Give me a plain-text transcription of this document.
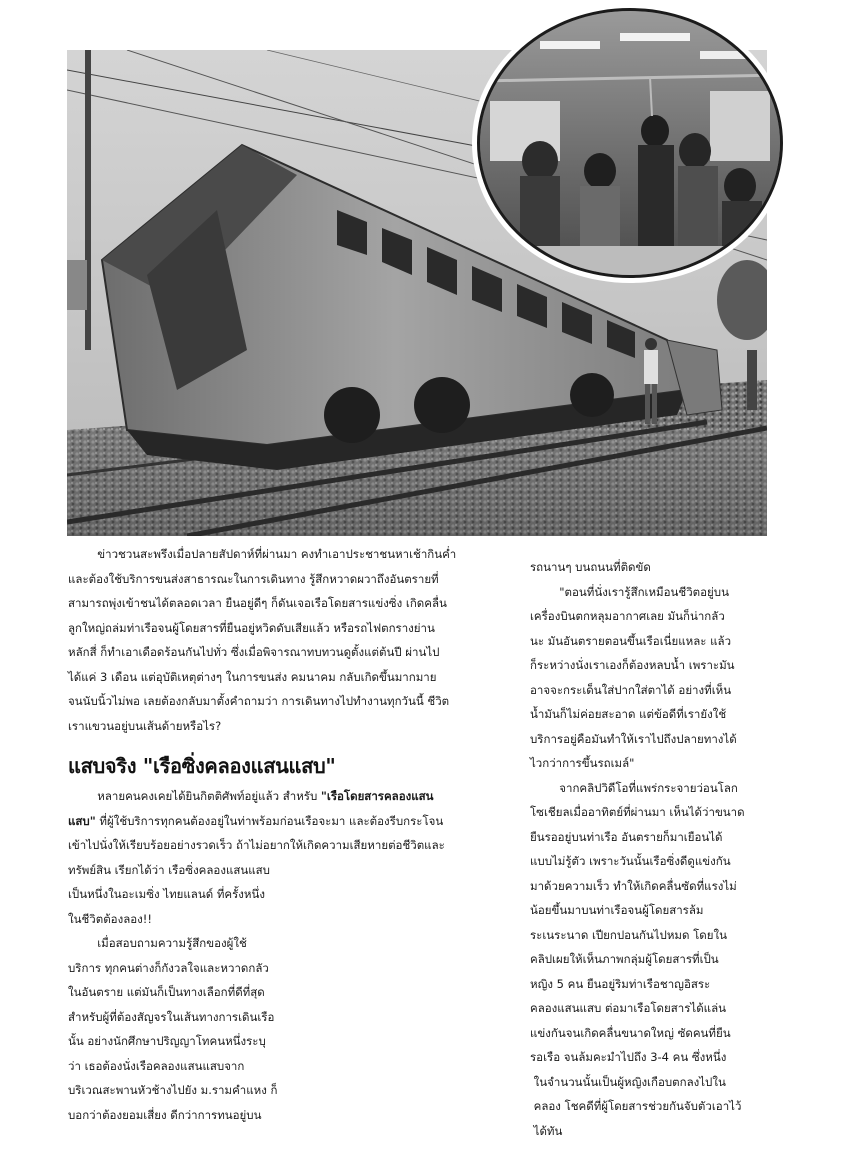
ข่าวชวนสะพรึงเมื่อปลายสัปดาห์ที่ผ่านมา คงทำเอาประชาชนหาเช้ากินค่ำ

และต้องใช้บริการขนส่งสาธารณะในการเดินทาง รู้สึกหวาดผวาถึงอันตรายที่

สามารถพุ่งเข้าชนได้ตลอดเวลา ยืนอยู่ดีๆ ก็ดันเจอเรือโดยสารแข่งซิ่ง เกิดคลื่น

ลูกใหญ่ถล่มท่าเรือจนผู้โดยสารที่ยืนอยู่หวิดดับเสียแล้ว หรือรถไฟตกรางย่าน

หลักสี่ ก็ทำเอาเดือดร้อนกันไปทั่ว ซึ่งเมื่อพิจารณาทบทวนดูตั้งแต่ต้นปี ผ่านไป

ได้แค่ 3 เดือน แต่อุบัติเหตุต่างๆ ในการขนส่ง คมนาคม กลับเกิดขึ้นมากมาย

จนนับนิ้วไม่พอ เลยต้องกลับมาตั้งคำถามว่า การเดินทางไปทำงานทุกวันนี้ ชีวิต

เราแขวนอยู่บนเส้นด้ายหรือไร?

แสบจริง "เรือซิ่งคลองแสนแสบ"

หลายคนคงเคยได้ยินกิตติศัพท์อยู่แล้ว สำหรับ "เรือโดยสารคลองแสน

แสบ" ที่ผู้ใช้บริการทุกคนต้องอยู่ในท่าพร้อมก่อนเรือจะมา และต้องรีบกระโจน

เข้าไปนั่งให้เรียบร้อยอย่างรวดเร็ว ถ้าไม่อยากให้เกิดความเสียหายต่อชีวิตและ

ทรัพย์สิน เรียกได้ว่า เรือซิ่งคลองแสนแสบ

เป็นหนึ่งในอะเมซิ่ง ไทยแลนด์ ที่ครั้งหนึ่ง

ในชีวิตต้องลอง!!

เมื่อสอบถามความรู้สึกของผู้ใช้

บริการ ทุกคนต่างก็กังวลใจและหวาดกลัว

ในอันตราย แต่มันก็เป็นทางเลือกที่ดีที่สุด

สำหรับผู้ที่ต้องสัญจรในเส้นทางการเดินเรือ

นั้น อย่างนักศึกษาปริญญาโทคนหนึ่งระบุ

ว่า เธอต้องนั่งเรือคลองแสนแสบจาก

บริเวณสะพานหัวช้างไปยัง ม.รามคำแหง ก็

บอกว่าต้องยอมเสี่ยง ดีกว่าการทนอยู่บน

รถนานๆ บนถนนที่ติดขัด

"ตอนที่นั่งเรารู้สึกเหมือนชีวิตอยู่บน

เครื่องบินตกหลุมอากาศเลย มันก็น่ากลัว

นะ มันอันตรายตอนขึ้นเรือเนี่ยแหละ แล้ว

ก็ระหว่างนั่งเราเองก็ต้องหลบน้ำ เพราะมัน

อาจจะกระเด็นใส่ปากใส่ตาได้ อย่างที่เห็น

น้ำมันก็ไม่ค่อยสะอาด แต่ข้อดีที่เรายังใช้

บริการอยู่คือมันทำให้เราไปถึงปลายทางได้

ไวกว่าการขึ้นรถเมล์"

จากคลิปวิดีโอที่แพร่กระจายว่อนโลก

โซเชียลเมื่ออาทิตย์ที่ผ่านมา เห็นได้ว่าขนาด

ยืนรออยู่บนท่าเรือ อันตรายก็มาเยือนได้

แบบไม่รู้ตัว เพราะวันนั้นเรือซิ่งดีดูแข่งกัน

มาด้วยความเร็ว ทำให้เกิดคลื่นซัดที่แรงไม่

น้อยขึ้นมาบนท่าเรือจนผู้โดยสารล้ม

ระเนระนาด เปียกปอนกันไปหมด โดยใน

คลิปเผยให้เห็นภาพกลุ่มผู้โดยสารที่เป็น

หญิง 5 คน ยืนอยู่ริมท่าเรือชาญอิสระ

คลองแสนแสบ ต่อมาเรือโดยสารได้แล่น

แข่งกันจนเกิดคลื่นขนาดใหญ่ ซัดคนที่ยืน

รอเรือ จนล้มคะมำไปถึง 3-4 คน ซึ่งหนึ่ง

ในจำนวนนั้นเป็นผู้หญิงเกือบตกลงไปใน

คลอง โชคดีที่ผู้โดยสารช่วยกันจับตัวเอาไว้

ได้ทัน
